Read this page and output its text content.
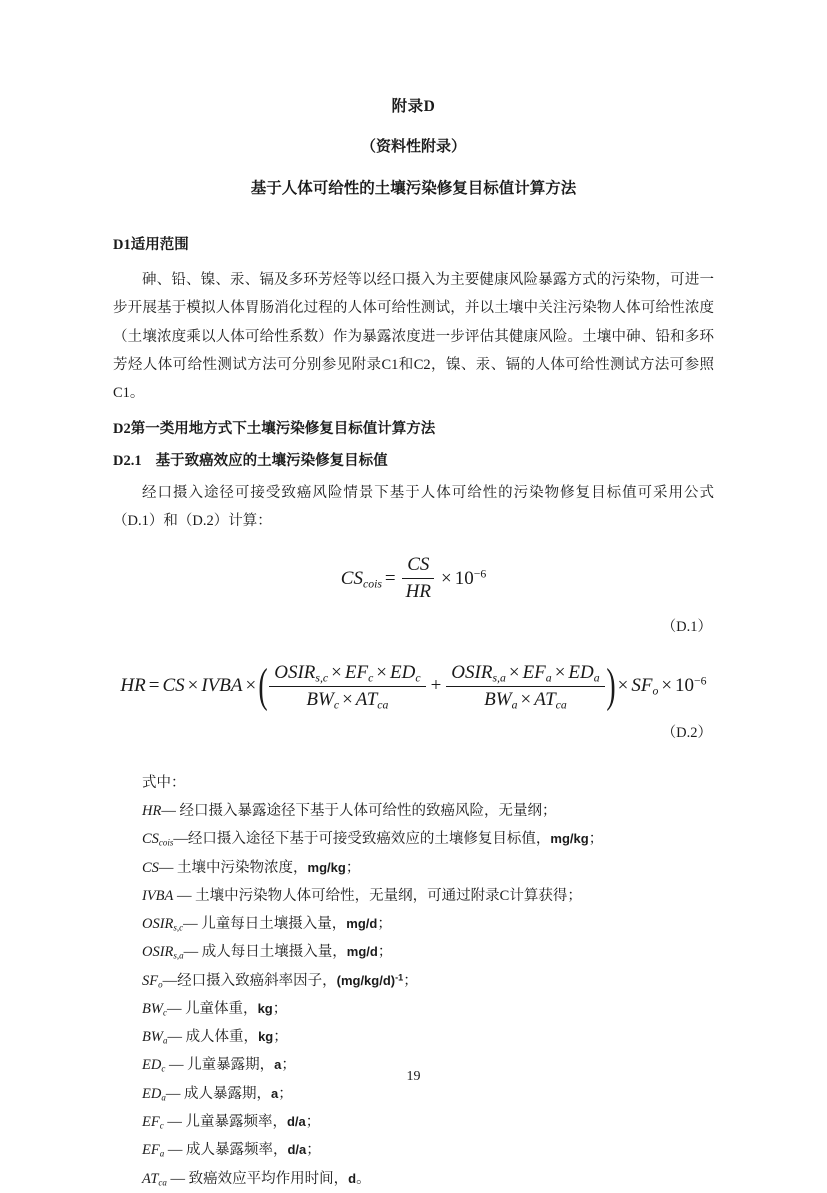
附录D
（资料性附录）
基于人体可给性的土壤污染修复目标值计算方法
D1适用范围

砷、铅、镍、汞、镉及多环芳烃等以经口摄入为主要健康风险暴露方式的污染物，可进一步开展基于模拟人体胃肠消化过程的人体可给性测试，并以土壤中关注污染物人体可给性浓度（土壤浓度乘以人体可给性系数）作为暴露浓度进一步评估其健康风险。土壤中砷、铅和多环芳烃人体可给性测试方法可分别参见附录C1和C2，镍、汞、镉的人体可给性测试方法可参照C1。

D2第一类用地方式下土壤污染修复目标值计算方法
D2.1 基于致癌效应的土壤污染修复目标值

经口摄入途径可接受致癌风险情景下基于人体可给性的污染物修复目标值可采用公式（D.1）和（D.2）计算：

$CS_{cois} = \frac{CS}{HR} \times 10^{-6}$
（D.1）
HR = CS × IVBA × ( $\frac{OSIR_{s,c} \times EF_c \times ED_c}{BW_c \times AT_{ca}} + \frac{OSIR_{s,a} \times EF_a \times ED_a}{BW_a \times AT_{ca}}$ ) × $SF_o \times 10^{-6}$
（D.2）

式中：

HR— 经口摄入暴露途径下基于人体可给性的致癌风险，无量纲；

$CS_{cois}—$经口摄入途径下基于可接受致癌效应的土壤修复目标值，mg/kg；

CS— 土壤中污染物浓度，mg/kg；

IVBA — 土壤中污染物人体可给性，无量纲，可通过附录C计算获得；

$OSIR_{s,c}—$ 儿童每日土壤摄入量，mg/d；

$OSIR_{s,a}—$ 成人每日土壤摄入量，mg/d；

$SF_o—$经口摄入致癌斜率因子，$(mg/kg/d)^{-1}$；

$BW_c—$ 儿童体重，kg；

$BW_a—$ 成人体重，kg；

$ED_c$ — 儿童暴露期，a；

$ED_a—$ 成人暴露期，a；

$EF_c$ — 儿童暴露频率，d/a；

$EF_a$ — 成人暴露频率，d/a；

$AT_{ca}$ — 致癌效应平均作用时间，d。

19
